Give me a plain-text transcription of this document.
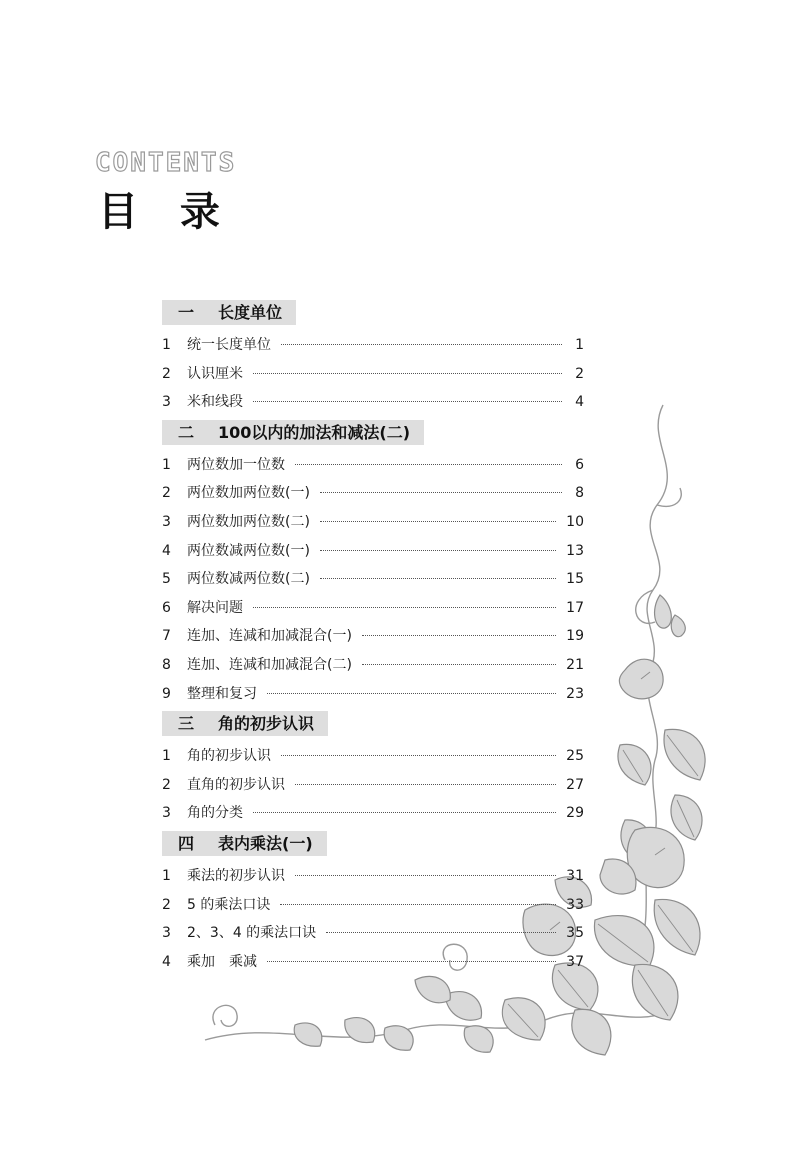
CONTENTS
目 录
一 长度单位
1	统一长度单位	1
2	认识厘米	2
3	米和线段	4
二 100以内的加法和减法(二)
1	两位数加一位数	6
2	两位数加两位数(一)	8
3	两位数加两位数(二)	10
4	两位数减两位数(一)	13
5	两位数减两位数(二)	15
6	解决问题	17
7	连加、连减和加减混合(一)	19
8	连加、连减和加减混合(二)	21
9	整理和复习	23
三 角的初步认识
1	角的初步认识	25
2	直角的初步认识	27
3	角的分类	29
四 表内乘法(一)
1	乘法的初步认识	31
2	5 的乘法口诀	33
3	2、3、4 的乘法口诀	35
4	乘加　乘减	37
